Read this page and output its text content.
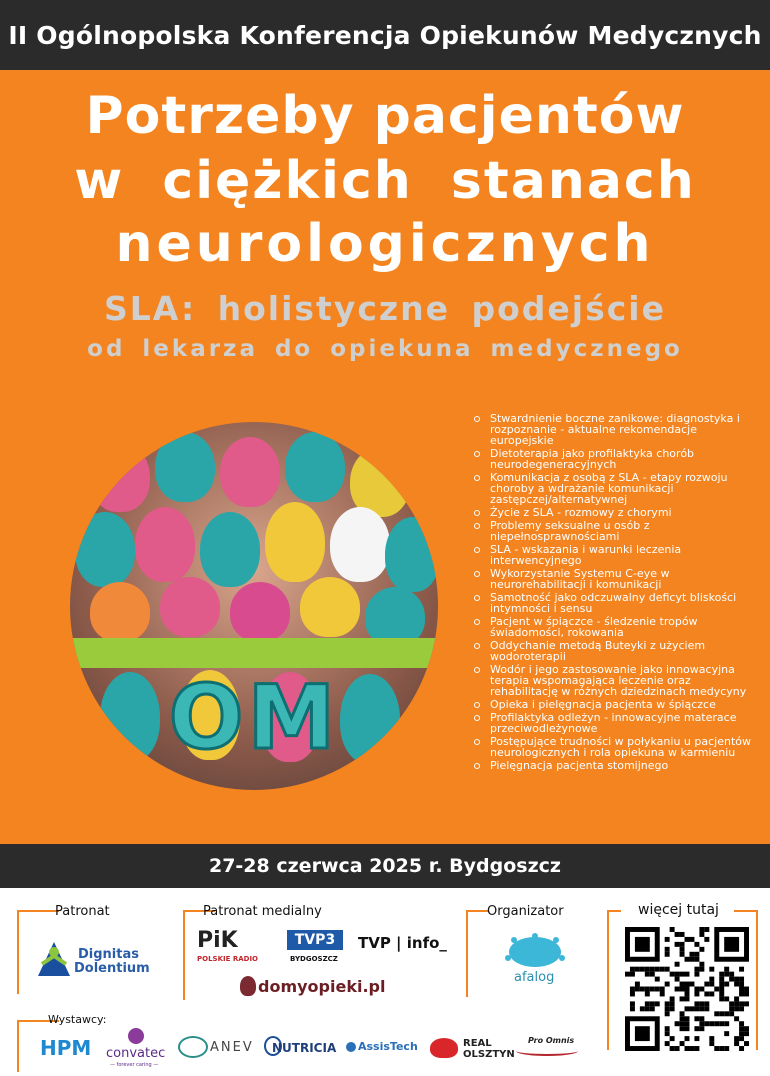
II Ogólnopolska Konferencja Opiekunów Medycznych
Potrzeby pacjentów
w ciężkich stanach
neurologicznych
SLA: holistyczne podejście
od lekarza do opiekuna medycznego
OM
Stwardnienie boczne zanikowe: diagnostyka i rozpoznanie - aktualne rekomendacje europejskie
Dietoterapia jako profilaktyka chorób neurodegeneracyjnych
Komunikacja z osobą z SLA - etapy rozwoju choroby a wdrażanie komunikacji zastępczej/alternatywnej
Życie z SLA - rozmowy z chorymi
Problemy seksualne u osób z niepełnosprawnościami
SLA - wskazania i warunki leczenia interwencyjnego
Wykorzystanie Systemu C-eye w neurorehabilitacji i komunikacji
Samotność jako odczuwalny deficyt bliskości intymności i sensu
Pacjent w śpiączce - śledzenie tropów świadomości, rokowania
Oddychanie metodą Buteyki z użyciem wodoroterapii
Wodór i jego zastosowanie jako innowacyjna terapia wspomagająca leczenie oraz rehabilitację w różnych dziedzinach medycyny
Opieka i pielęgnacja pacjenta w śpiączce
Profilaktyka odleżyn - innowacyjne materace przeciwodleżynowe
Postępujące trudności w połykaniu u pacjentów neurologicznych i rola opiekuna w karmieniu
Pielęgnacja pacjenta stomijnego
27-28 czerwca 2025 r. Bydgoszcz
Patronat
Dignitas
Dolentium
Patronat medialny
PiK
POLSKIE RADIO
TVP3
BYDGOSZCZ
TVP | info_
domyopieki.pl
Organizator
afalog
więcej tutaj
Wystawcy:
HPM convatec
— forever caring —
ANEV NUTRICIA AssisTech	REAL OLSZTYN
Pro Omnis
